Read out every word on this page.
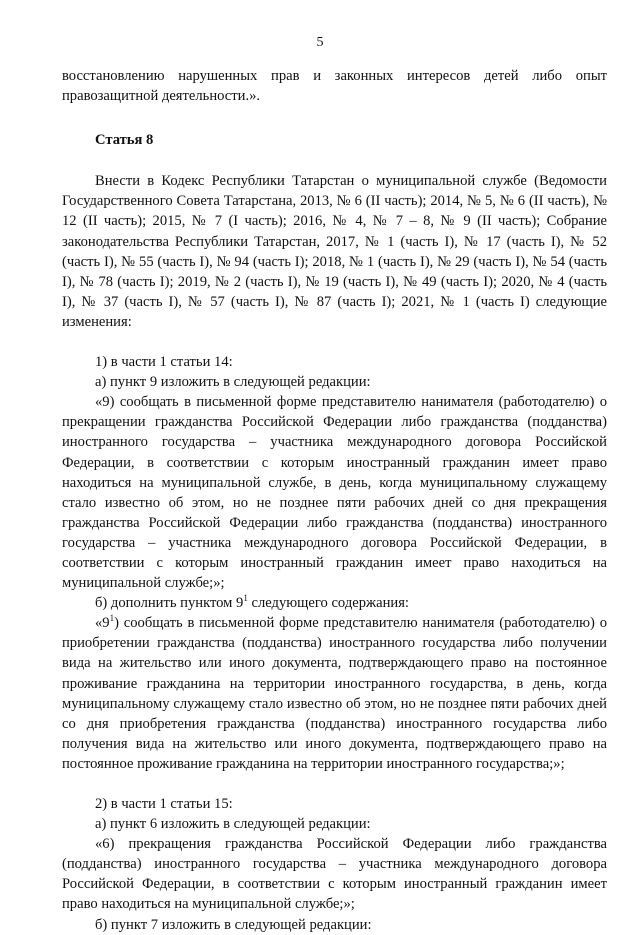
5

восстановлению нарушенных прав и законных интересов детей либо опыт правозащитной деятельности.».

Статья 8

Внести в Кодекс Республики Татарстан о муниципальной службе (Ведомости Государственного Совета Татарстана, 2013, № 6 (II часть); 2014, № 5, № 6 (II часть), № 12 (II часть); 2015, № 7 (I часть); 2016, № 4, № 7 – 8, № 9 (II часть); Собрание законодательства Республики Татарстан, 2017, № 1 (часть I), № 17 (часть I), № 52 (часть I), № 55 (часть I), № 94 (часть I); 2018, № 1 (часть I), № 29 (часть I), № 54 (часть I), № 78 (часть I); 2019, № 2 (часть I), № 19 (часть I), № 49 (часть I); 2020, № 4 (часть I), № 37 (часть I), № 57 (часть I), № 87 (часть I); 2021, № 1 (часть I) следующие изменения:

1) в части 1 статьи 14:

а) пункт 9 изложить в следующей редакции:

«9) сообщать в письменной форме представителю нанимателя (работодателю) о прекращении гражданства Российской Федерации либо гражданства (подданства) иностранного государства – участника международного договора Российской Федерации, в соответствии с которым иностранный гражданин имеет право находиться на муниципальной службе, в день, когда муниципальному служащему стало известно об этом, но не позднее пяти рабочих дней со дня прекращения гражданства Российской Федерации либо гражданства (подданства) иностранного государства – участника международного договора Российской Федерации, в соответствии с которым иностранный гражданин имеет право находиться на муниципальной службе;»;

б) дополнить пунктом $9^1$ следующего содержания:

«$9^1$) сообщать в письменной форме представителю нанимателя (работодателю) о приобретении гражданства (подданства) иностранного государства либо получении вида на жительство или иного документа, подтверждающего право на постоянное проживание гражданина на территории иностранного государства, в день, когда муниципальному служащему стало известно об этом, но не позднее пяти рабочих дней со дня приобретения гражданства (подданства) иностранного государства либо получения вида на жительство или иного документа, подтверждающего право на постоянное проживание гражданина на территории иностранного государства;»;

2) в части 1 статьи 15:

а) пункт 6 изложить в следующей редакции:

«6) прекращения гражданства Российской Федерации либо гражданства (подданства) иностранного государства – участника международного договора Российской Федерации, в соответствии с которым иностранный гражданин имеет право находиться на муниципальной службе;»;

б) пункт 7 изложить в следующей редакции:
